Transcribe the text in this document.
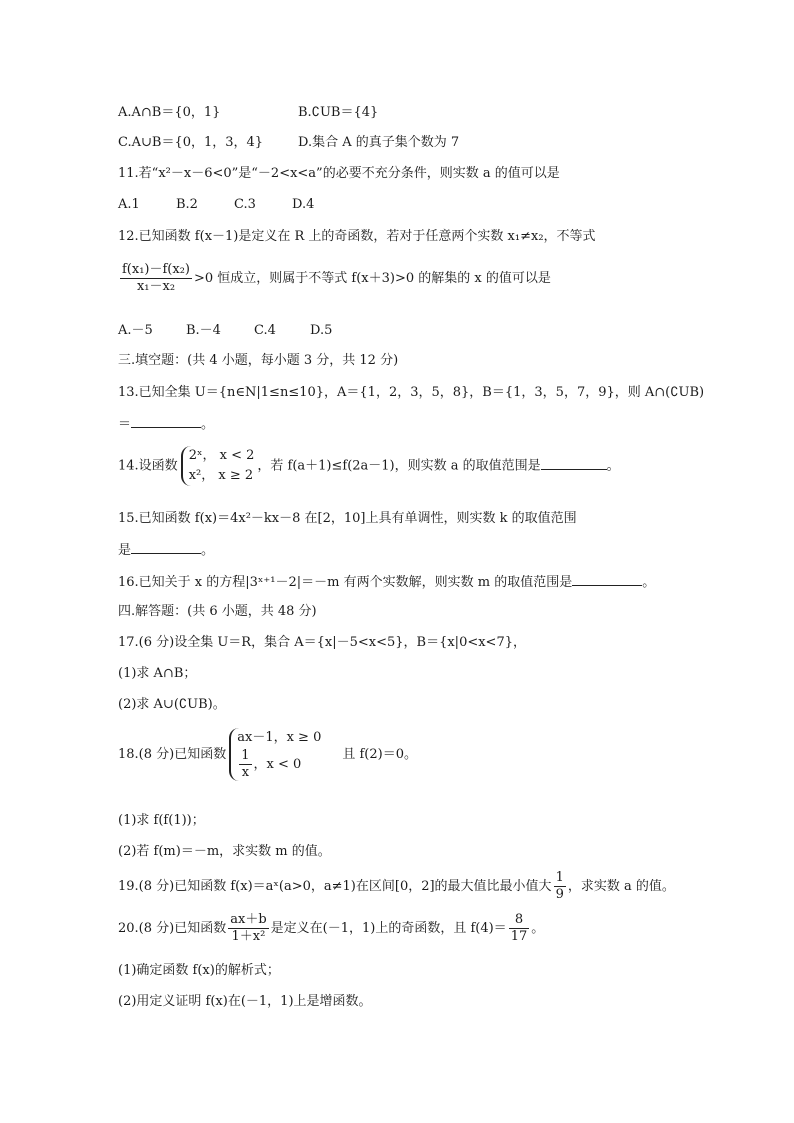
A.A∩B＝{0，1}	B.∁UB＝{4}
C.A∪B＝{0，1，3，4}	D.集合 A 的真子集个数为 7
11.若“x²－x－6<0”是“－2<x<a”的必要不充分条件，则实数 a 的值可以是
A.1	B.2	C.3	D.4
12.已知函数 f(x－1)是定义在 R 上的奇函数，若对于任意两个实数 x₁≠x₂，不等式
$\frac{\text{f(x₁)－f(x₂)}}{\text{x₁－x₂}} >0$ 恒成立，则属于不等式 f(x＋3)>0 的解集的 x 的值可以是
A.－5	B.－4	C.4	D.5
三.填空题：(共 4 小题，每小题 3 分，共 12 分)
13.已知全集 U＝{n∈N|1≤n≤10}，A＝{1，2，3，5，8}，B＝{1，3，5，7，9}，则 A∩(∁UB)
＝	。
14.设函数
2ˣ， x < 2
x²， x ≥ 2
，若 f(a＋1)≤f(2a－1)，则实数 a 的取值范围是	。
15.已知函数 f(x)＝4x²－kx－8 在[2，10]上具有单调性，则实数 k 的取值范围
是	。
16.已知关于 x 的方程|3ˣ⁺¹－2|＝－m 有两个实数解，则实数 m 的取值范围是	。
四.解答题：(共 6 小题，共 48 分)
17.(6 分)设全集 U＝R，集合 A＝{x|－5<x<5}，B＝{x|0<x<7}，
(1)求 A∩B；
(2)求 A∪(∁UB)。
18.(8 分)已知函数
ax－1，x ≥ 0
$\frac{1}{x}$ ，x < 0
且 f(2)＝0。
(1)求 f(f(1))；
(2)若 f(m)＝－m，求实数 m 的值。
19.(8 分)已知函数 f(x)＝aˣ(a>0，a≠1)在区间[0，2]的最大值比最小值大 $\frac{1}{9}$ ，求实数 a 的值。
20.(8 分)已知函数 $\frac{ax+b}{\text{1＋x²}}$ 是定义在(－1，1)上的奇函数，且 $f(4)= \frac{8}{17}$ 。
(1)确定函数 f(x)的解析式；
(2)用定义证明 f(x)在(－1，1)上是增函数。
